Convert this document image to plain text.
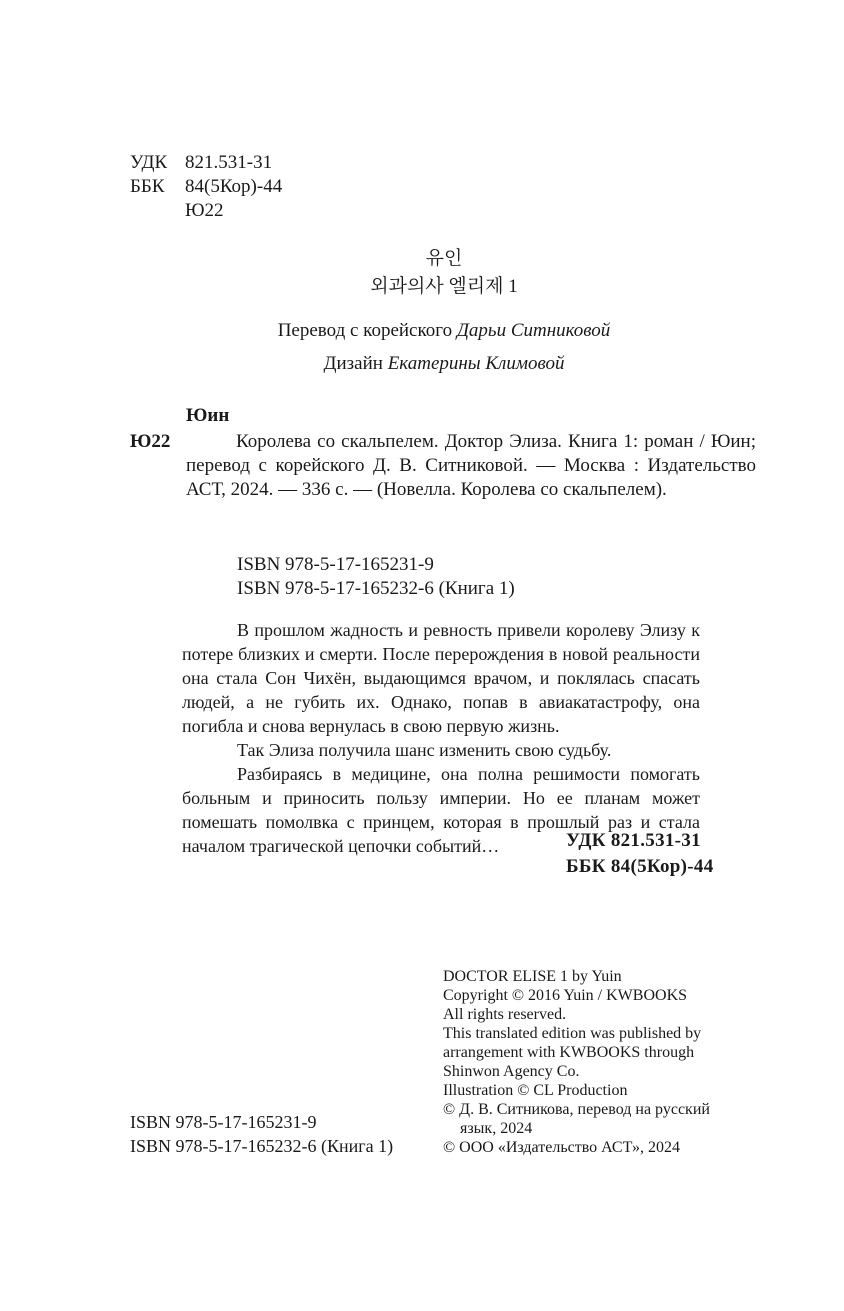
УДК 821.531-31
ББК 84(5Кор)-44
Ю22
유인
외과의사 엘리제 1
Перевод с корейского Дарьи Ситниковой
Дизайн Екатерины Климовой
Юин
Ю22	Королева со скальпелем. Доктор Элиза. Книга 1: роман / Юин; перевод с корейского Д. В. Ситниковой. — Москва : Издательство АСТ, 2024. — 336 с. — (Новелла. Королева со скальпелем).
ISBN 978-5-17-165231-9
ISBN 978-5-17-165232-6 (Книга 1)

В прошлом жадность и ревность привели королеву Элизу к потере близких и смерти. После перерождения в новой реальности она стала Сон Чихён, выдающимся врачом, и поклялась спасать людей, а не губить их. Однако, попав в авиакатастрофу, она погибла и снова вернулась в свою первую жизнь.

Так Элиза получила шанс изменить свою судьбу.

Разбираясь в медицине, она полна решимости помогать больным и приносить пользу империи. Но ее планам может помешать помолвка с принцем, которая в прошлый раз и стала началом трагической цепочки событий…	УДК 821.531-31
ББК 84(5Кор)-44
DOCTOR ELISE 1 by Yuin
Copyright © 2016 Yuin / KWBOOKS
All rights reserved.
This translated edition was published by
arrangement with KWBOOKS through
Shinwon Agency Co.
Illustration © CL Production
© Д. В. Ситникова, перевод на русский
язык, 2024
© ООО «Издательство АСТ», 2024
ISBN 978-5-17-165231-9
ISBN 978-5-17-165232-6 (Книга 1)
